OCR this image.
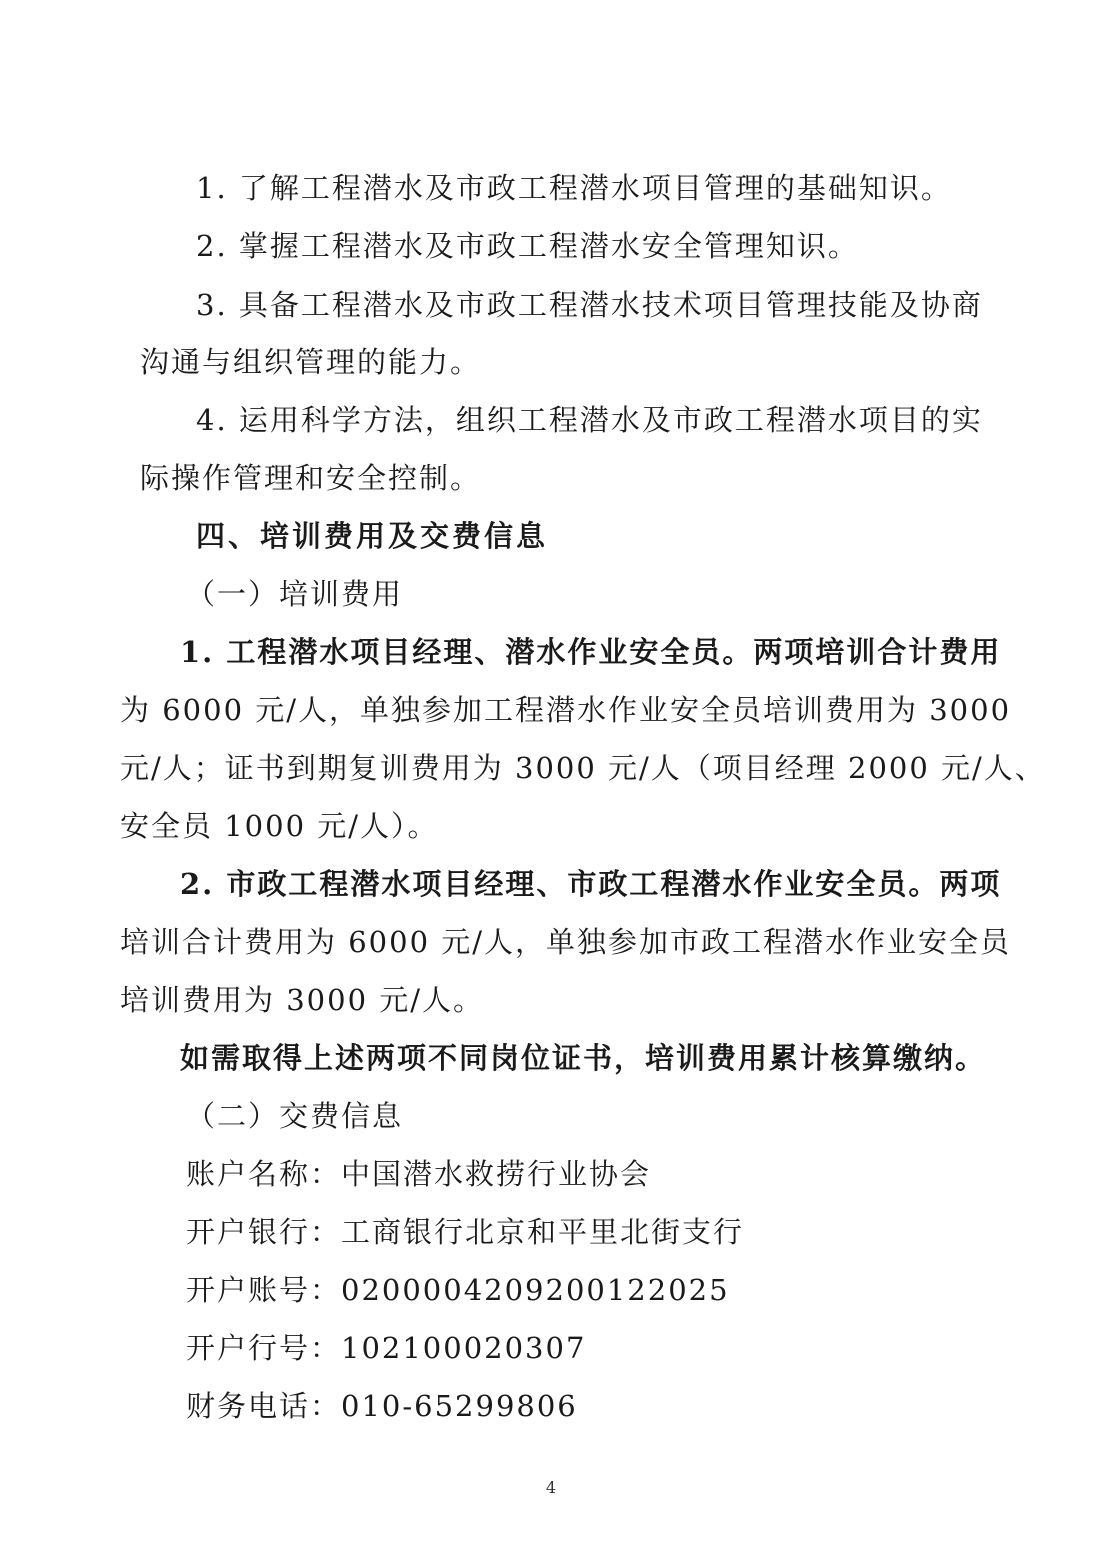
1. 了解工程潜水及市政工程潜水项目管理的基础知识。
2. 掌握工程潜水及市政工程潜水安全管理知识。
3. 具备工程潜水及市政工程潜水技术项目管理技能及协商
沟通与组织管理的能力。
4. 运用科学方法，组织工程潜水及市政工程潜水项目的实
际操作管理和安全控制。
四、培训费用及交费信息
（一）培训费用
1. 工程潜水项目经理、潜水作业安全员。两项培训合计费用
为 6000 元/人，单独参加工程潜水作业安全员培训费用为 3000
元/人；证书到期复训费用为 3000 元/人（项目经理 2000 元/人、
安全员 1000 元/人）。
2. 市政工程潜水项目经理、市政工程潜水作业安全员。两项
培训合计费用为 6000 元/人，单独参加市政工程潜水作业安全员
培训费用为 3000 元/人。
如需取得上述两项不同岗位证书，培训费用累计核算缴纳。
（二）交费信息
账户名称：中国潜水救捞行业协会
开户银行：工商银行北京和平里北街支行
开户账号：0200004209200122025
开户行号：102100020307
财务电话：010-65299806
4
